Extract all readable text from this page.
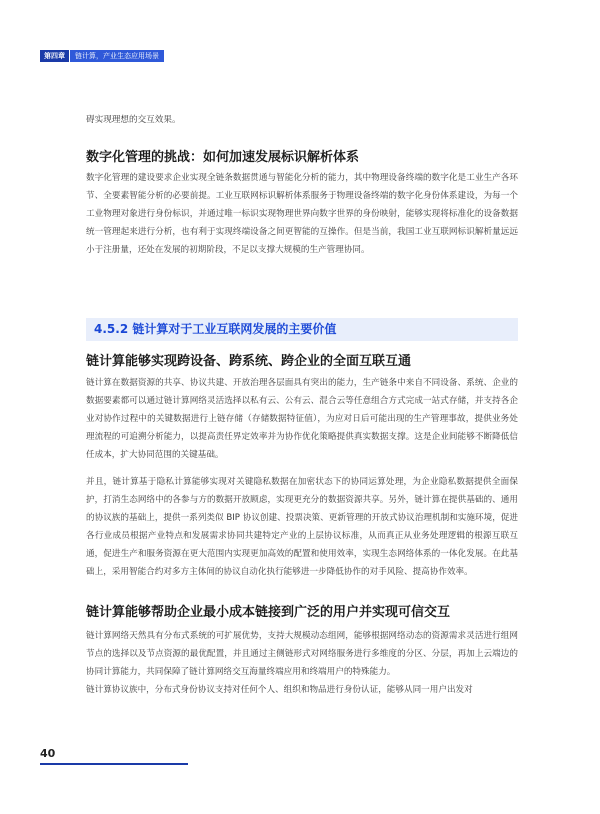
第四章	链计算，产业生态应用场景

碍实现理想的交互效果。

数字化管理的挑战：如何加速发展标识解析体系

数字化管理的建设要求企业实现全链条数据贯通与智能化分析的能力，其中物理设备终端的数字化是工业生产各环节、全要素智能分析的必要前提。工业互联网标识解析体系服务于物理设备终端的数字化身份体系建设，为每一个工业物理对象进行身份标识，并通过唯一标识实现物理世界向数字世界的身份映射，能够实现将标准化的设备数据统一管理起来进行分析，也有利于实现终端设备之间更智能的互操作。但是当前，我国工业互联网标识解析量远远小于注册量，还处在发展的初期阶段，不足以支撑大规模的生产管理协同。

4.5.2 链计算对于工业互联网发展的主要价值
链计算能够实现跨设备、跨系统、跨企业的全面互联互通

链计算在数据资源的共享、协议共建、开放治理各层面具有突出的能力，生产链条中来自不同设备、系统、企业的数据要素都可以通过链计算网络灵活选择以私有云、公有云、混合云等任意组合方式完成一站式存储，并支持各企业对协作过程中的关键数据进行上链存储（存储数据特征值），为应对日后可能出现的生产管理事故，提供业务处理流程的可追溯分析能力，以提高责任界定效率并为协作优化策略提供真实数据支撑。这是企业间能够不断降低信任成本，扩大协同范围的关键基础。

并且，链计算基于隐私计算能够实现对关键隐私数据在加密状态下的协同运算处理，为企业隐私数据提供全面保护，打消生态网络中的各参与方的数据开放顾虑，实现更充分的数据资源共享。另外，链计算在提供基础的、通用的协议族的基础上，提供一系列类似 BIP 协议创建、投票决策、更新管理的开放式协议治理机制和实施环境，促进各行业成员根据产业特点和发展需求协同共建特定产业的上层协议标准，从而真正从业务处理逻辑的根源互联互通，促进生产和服务资源在更大范围内实现更加高效的配置和使用效率，实现生态网络体系的一体化发展。在此基础上，采用智能合约对多方主体间的协议自动化执行能够进一步降低协作的对手风险、提高协作效率。

链计算能够帮助企业最小成本链接到广泛的用户并实现可信交互

链计算网络天然具有分布式系统的可扩展优势，支持大规模动态组网，能够根据网络动态的资源需求灵活进行组网节点的选择以及节点资源的最优配置，并且通过主侧链形式对网络服务进行多维度的分区、分层，再加上云端边的协同计算能力，共同保障了链计算网络交互海量终端应用和终端用户的特殊能力。

链计算协议族中，分布式身份协议支持对任何个人、组织和物品进行身份认证，能够从同一用户出发对

40
